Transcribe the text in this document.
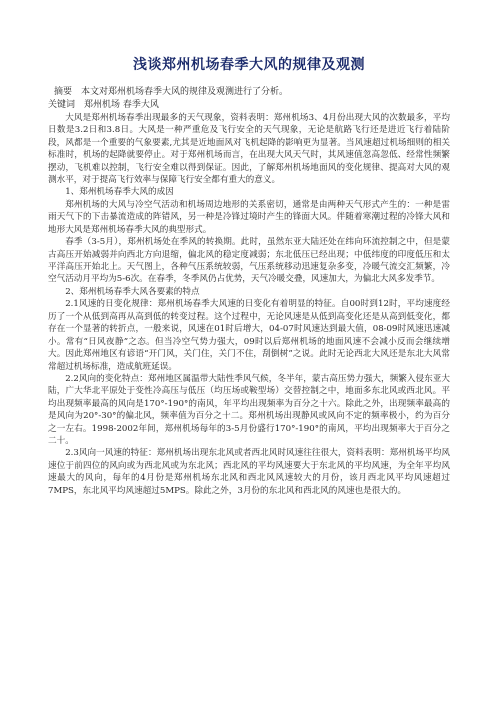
浅谈郑州机场春季大风的规律及观测

摘要　本文对郑州机场春季大风的规律及观测进行了分析。

关键词　郑州机场 春季大风

大风是郑州机场春季出现最多的天气现象，资料表明：郑州机场3、4月份出现大风的次数最多，平均日数是3.2日和3.8日。大风是一种严重危及飞行安全的天气现象，无论是航路飞行还是进近飞行着陆阶段，风都是一个重要的气象要素,尤其是近地面风对飞机起降的影响更为显著。当风速超过机场细则的相关标准时，机场的起降就要停止。对于郑州机场而言，在出现大风天气时，其风速值忽高忽低、经常性频繁摆动，飞机难以控制，飞行安全难以得到保证。因此，了解郑州机场地面风的变化规律、提高对大风的观测水平，对于提高飞行效率与保障飞行安全都有重大的意义。

1、郑州机场春季大风的成因

郑州机场的大风与冷空气活动和机场周边地形的关系密切，通常是由两种天气形式产生的：一种是雷雨天气下的下击暴流造成的阵错风，另一种是冷锋过境时产生的锋面大风。伴随着寒潮过程的冷锋大风和地形大风是郑州机场春季大风的典型形式。

春季（3-5月），郑州机场处在季风的转换期。此时，虽然东亚大陆还处在纬向环流控制之中，但是蒙古高压开始减弱并向西北方向退缩，偏北风的稳定度减弱；东北低压已经出现；中低纬度的印度低压和太平洋高压开始北上。天气图上，各种气压系统较弱，气压系统移动迅速复杂多变，冷暖气流交汇频繁，冷空气活动月平均为5-6次。在春季，冬季风仍占优势，天气冷暖交叠，风速加大，为偏北大风多发季节。

2、郑州机场春季大风各要素的特点

2.1风速的日变化规律：郑州机场春季大风速的日变化有着明显的特征。自00时到12时，平均速度经历了一个从低到高再从高到低的转变过程。这个过程中，无论风速是从低到高变化还是从高到低变化，都存在一个显著的转折点，一般来说，风速在01时后增大，04-07时风速达到最大值，08-09时风速迅速减小。常有“日风夜静”之态。但当冷空气势力强大，09时以后郑州机场的地面风速不会减小反而会继续增大。因此郑州地区有谚语“开门风，关门住，关门不住，刮倒树”之说。此时无论西北大风还是东北大风常常超过机场标准，造成航班延误。

2.2风向的变化特点：郑州地区属温带大陆性季风气候，冬半年，蒙古高压势力强大，频繁入侵东亚大陆，广大华北平原处于变性冷高压与低压（均压场或鞍型场）交替控制之中，地面多东北风或西北风。平均出现频率最高的风向是170°-190°的南风，年平均出现频率为百分之十六。除此之外，出现频率最高的是风向为20°-30°的偏北风，频率值为百分之十二。郑州机场出现静风或风向不定的频率极小，约为百分之一左右。1998-2002年间，郑州机场每年的3-5月份盛行170°-190°的南风，平均出现频率大于百分之二十。

2.3风向一风速的特征：郑州机场出现东北风或者西北风时风速往往很大，资料表明：郑州机场平均风速位于前四位的风向或为西北风或为东北风；西北风的平均风速要大于东北风的平均风速，为全年平均风速最大的风向，每年的4月份是郑州机场东北风和西北风风速较大的月份，该月西北风平均风速超过7MPS，东北风平均风速超过5MPS。除此之外，3月份的东北风和西北风的风速也是很大的。
